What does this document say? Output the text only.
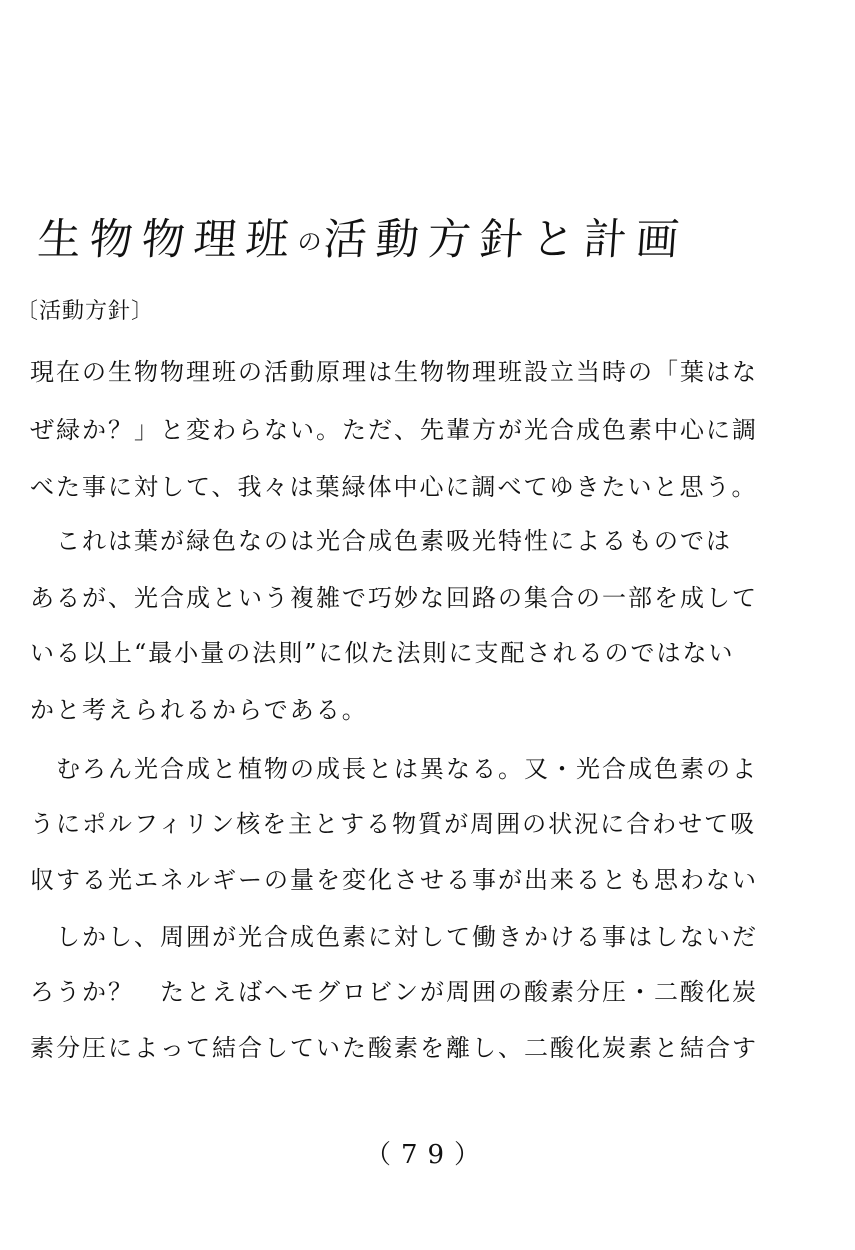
生物物理班の活動方針と計画
〔活動方針〕
現在の生物物理班の活動原理は生物物理班設立当時の「葉はな
ぜ緑か？」と変わらない。ただ、先輩方が光合成色素中心に調
べた事に対して、我々は葉緑体中心に調べてゆきたいと思う。
　これは葉が緑色なのは光合成色素吸光特性によるものでは
あるが、光合成という複雑で巧妙な回路の集合の一部を成して
いる以上“最小量の法則”に似た法則に支配されるのではない
かと考えられるからである。
　むろん光合成と植物の成長とは異なる。又・光合成色素のよ
うにポルフィリン核を主とする物質が周囲の状況に合わせて吸
収する光エネルギーの量を変化させる事が出来るとも思わない
　しかし、周囲が光合成色素に対して働きかける事はしないだ
ろうか？　たとえばヘモグロビンが周囲の酸素分圧・二酸化炭
素分圧によって結合していた酸素を離し、二酸化炭素と結合す
（79）
